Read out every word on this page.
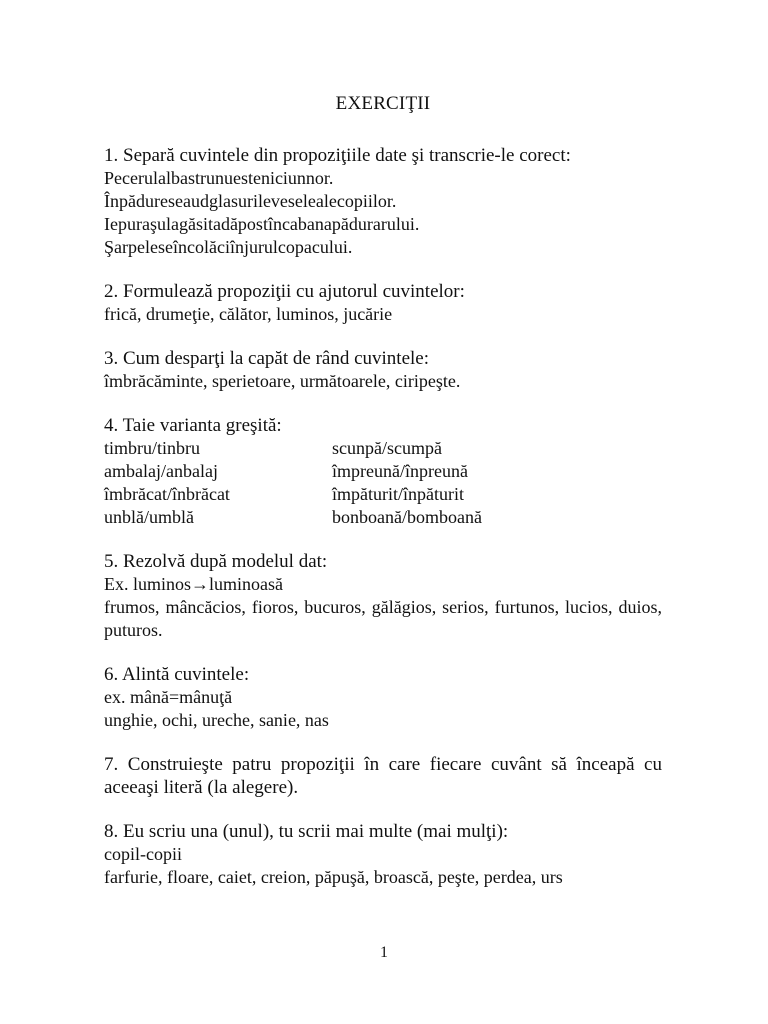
EXERCIŢII

1. Separă cuvintele din propoziţiile date şi transcrie-le corect:

Pecerulalbastrunuesteniciunnor.

Înpădureseaudglasurileveselealecopiilor.

Iepuraşulagăsitadăpostîncabanapădurarului.

Şarpeleseîncolăciînjurulcopacului.

2. Formulează propoziţii cu ajutorul cuvintelor:

frică, drumeţie, călător, luminos, jucărie

3. Cum desparţi la capăt de rând cuvintele:

îmbrăcăminte, sperietoare, următoarele, ciripeşte.

4. Taie varianta greşită:

timbru/tinbru	scunpă/scumpă
ambalaj/anbalaj	împreună/înpreună
îmbrăcat/înbrăcat	împăturit/înpăturit
unblă/umblă	bonboană/bomboană

5. Rezolvă după modelul dat:

Ex. luminos→luminoasă

frumos, mâncăcios, fioros, bucuros, gălăgios, serios, furtunos, lucios, duios, puturos.

6. Alintă cuvintele:

ex. mână=mânuţă

unghie, ochi, ureche, sanie, nas

7. Construieşte patru propoziţii în care fiecare cuvânt să înceapă cu aceeaşi literă (la alegere).

8. Eu scriu una (unul), tu scrii mai multe (mai mulţi):

copil-copii

farfurie, floare, caiet, creion, păpuşă, broască, peşte, perdea, urs

1
